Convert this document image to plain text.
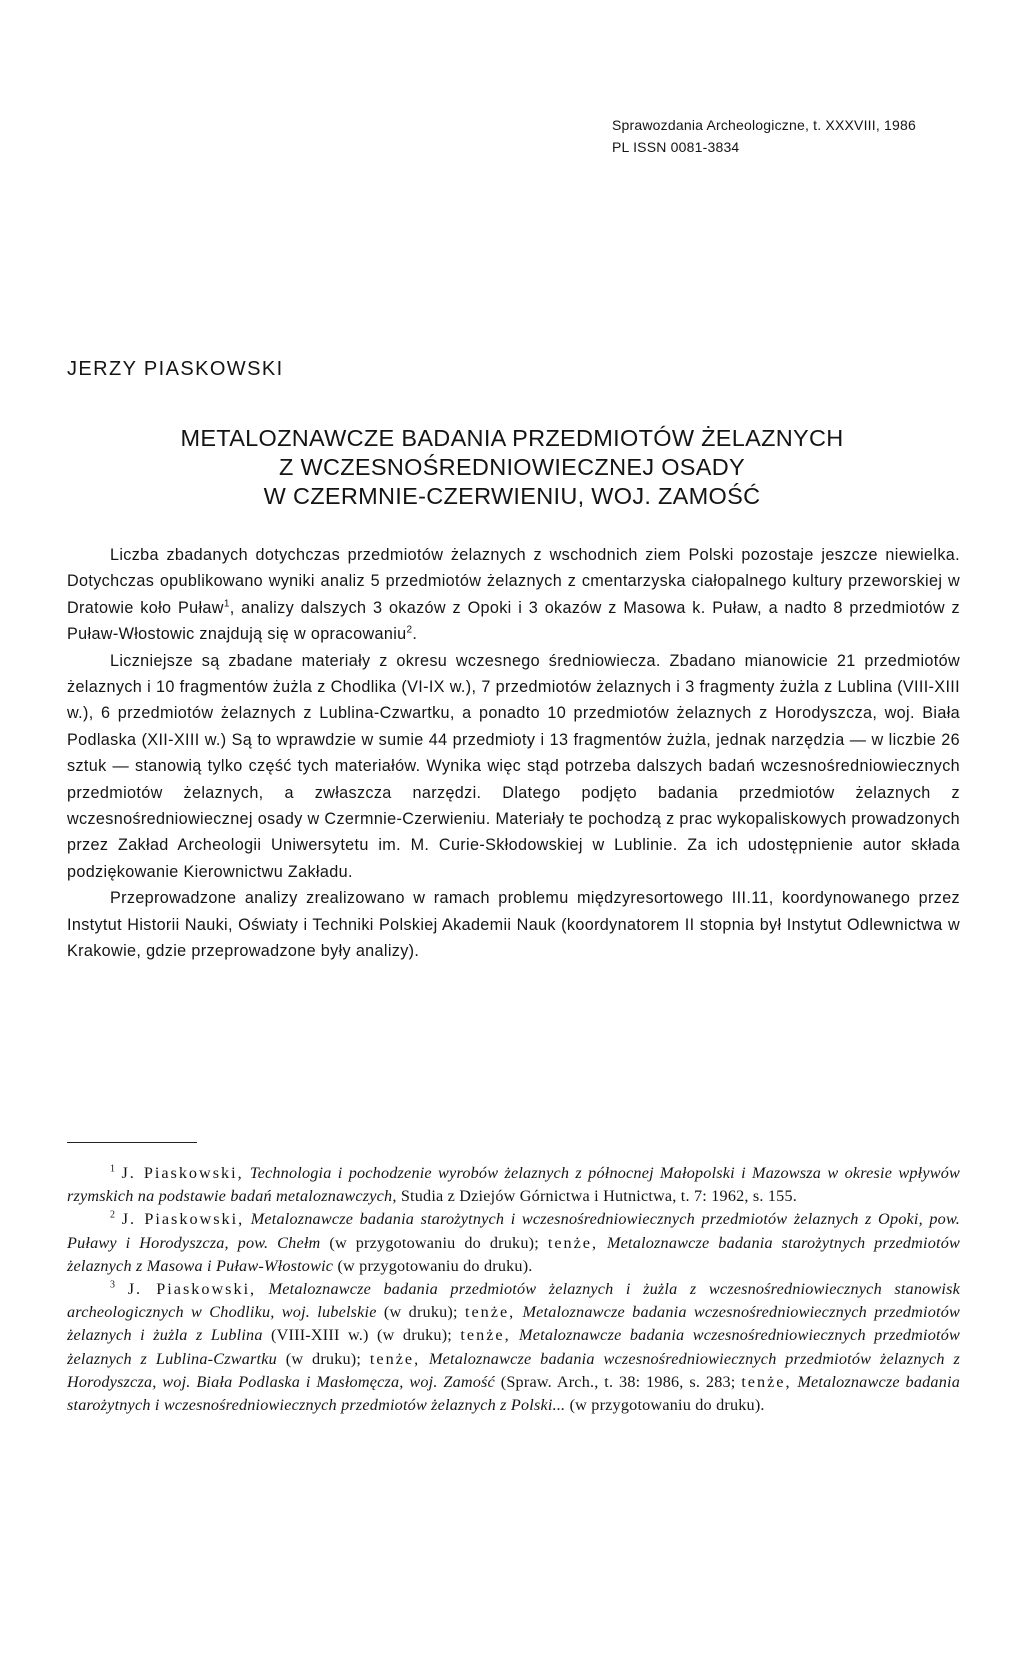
Sprawozdania Archeologiczne, t. XXXVIII, 1986
PL ISSN 0081-3834
JERZY PIASKOWSKI
METALOZNAWCZE BADANIA PRZEDMIOTÓW ŻELAZNYCH
Z WCZESNOŚREDNIOWIECZNEJ OSADY
W CZERMNIE-CZERWIENIU, WOJ. ZAMOŚĆ

Liczba zbadanych dotychczas przedmiotów żelaznych z wschodnich ziem Polski pozostaje jeszcze niewielka. Dotychczas opublikowano wyniki analiz 5 przedmiotów żelaznych z cmentarzyska ciałopalnego kultury przeworskiej w Dratowie koło Puław$^1$, analizy dalszych 3 okazów z Opoki i 3 okazów z Masowa k. Puław, a nadto 8 przedmiotów z Puław-Włostowic znajdują się w opracowaniu$^2$.

Liczniejsze są zbadane materiały z okresu wczesnego średniowiecza. Zbadano mianowicie 21 przedmiotów żelaznych i 10 fragmentów żużla z Chodlika (VI-IX w.), 7 przedmiotów żelaznych i 3 fragmenty żużla z Lublina (VIII-XIII w.), 6 przedmiotów żelaznych z Lublina-Czwartku, a ponadto 10 przedmiotów żelaznych z Horodyszcza, woj. Biała Podlaska (XII-XIII w.) Są to wprawdzie w sumie 44 przedmioty i 13 fragmentów żużla, jednak narzędzia — w liczbie 26 sztuk — stanowią tylko część tych materiałów. Wynika więc stąd potrzeba dalszych badań wczesnośredniowiecznych przedmiotów żelaznych, a zwłaszcza narzędzi. Dlatego podjęto badania przedmiotów żelaznych z wczesnośredniowiecznej osady w Czermnie-Czerwieniu. Materiały te pochodzą z prac wykopaliskowych prowadzonych przez Zakład Archeologii Uniwersytetu im. M. Curie-Skłodowskiej w Lublinie. Za ich udostępnienie autor składa podziękowanie Kierownictwu Zakładu.

Przeprowadzone analizy zrealizowano w ramach problemu międzyresortowego III.11, koordynowanego przez Instytut Historii Nauki, Oświaty i Techniki Polskiej Akademii Nauk (koordynatorem II stopnia był Instytut Odlewnictwa w Krakowie, gdzie przeprowadzone były analizy).

$^1$ J. Piaskowski, Technologia i pochodzenie wyrobów żelaznych z północnej Małopolski i Mazowsza w okresie wpływów rzymskich na podstawie badań metaloznawczych, Studia z Dziejów Górnictwa i Hutnictwa, t. 7: 1962, s. 155.

$^2$ J. Piaskowski, Metaloznawcze badania starożytnych i wczesnośredniowiecznych przedmiotów żelaznych z Opoki, pow. Puławy i Horodyszcza, pow. Chełm (w przygotowaniu do druku); tenże, Metaloznawcze badania starożytnych przedmiotów żelaznych z Masowa i Puław-Włostowic (w przygotowaniu do druku).

$^3$ J. Piaskowski, Metaloznawcze badania przedmiotów żelaznych i żużla z wczesnośredniowiecznych stanowisk archeologicznych w Chodliku, woj. lubelskie (w druku); tenże, Metaloznawcze badania wczesnośredniowiecznych przedmiotów żelaznych i żużla z Lublina (VIII-XIII w.) (w druku); tenże, Metaloznawcze badania wczesnośredniowiecznych przedmiotów żelaznych z Lublina-Czwartku (w druku); tenże, Metaloznawcze badania wczesnośredniowiecznych przedmiotów żelaznych z Horodyszcza, woj. Biała Podlaska i Masłomęcza, woj. Zamość (Spraw. Arch., t. 38: 1986, s. 283; tenże, Metaloznawcze badania starożytnych i wczesnośredniowiecznych przedmiotów żelaznych z Polski... (w przygotowaniu do druku).
